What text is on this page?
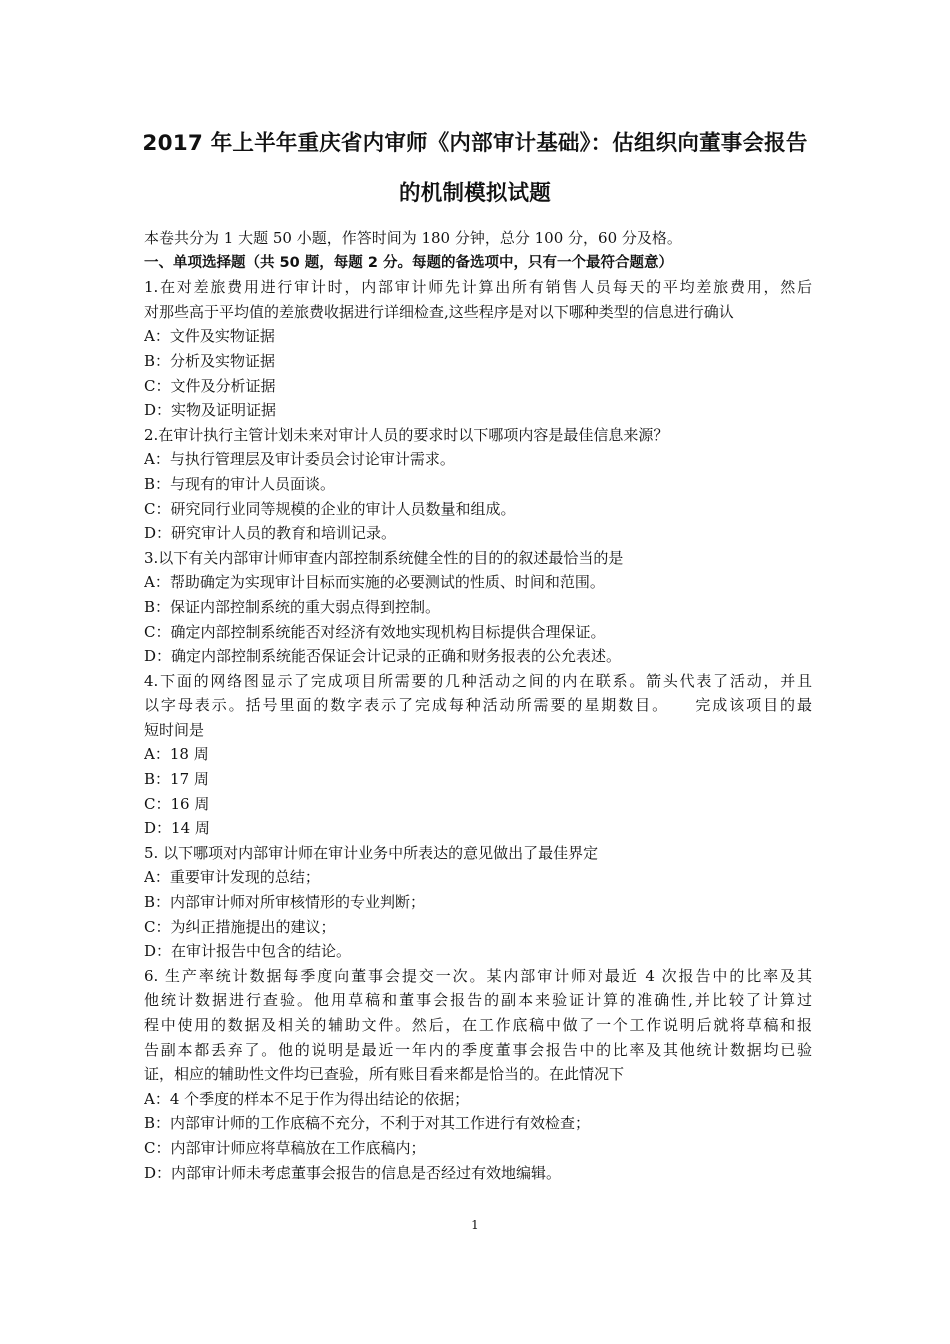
2017 年上半年重庆省内审师《内部审计基础》：估组织向董事会报告
的机制模拟试题
本卷共分为 1 大题 50 小题，作答时间为 180 分钟，总分 100 分，60 分及格。
一、单项选择题（共 50 题，每题 2 分。每题的备选项中，只有一个最符合题意）
1.在对差旅费用进行审计时，内部审计师先计算出所有销售人员每天的平均差旅费用，然后
对那些高于平均值的差旅费收据进行详细检查,这些程序是对以下哪种类型的信息进行确认
A：文件及实物证据
B：分析及实物证据
C：文件及分析证据
D：实物及证明证据
2.在审计执行主管计划未来对审计人员的要求时以下哪项内容是最佳信息来源？
A：与执行管理层及审计委员会讨论审计需求。
B：与现有的审计人员面谈。
C：研究同行业同等规模的企业的审计人员数量和组成。
D：研究审计人员的教育和培训记录。
3.以下有关内部审计师审查内部控制系统健全性的目的的叙述最恰当的是
A：帮助确定为实现审计目标而实施的必要测试的性质、时间和范围。
B：保证内部控制系统的重大弱点得到控制。
C：确定内部控制系统能否对经济有效地实现机构目标提供合理保证。
D：确定内部控制系统能否保证会计记录的正确和财务报表的公允表述。
4.下面的网络图显示了完成项目所需要的几种活动之间的内在联系。箭头代表了活动，并且
以字母表示。括号里面的数字表示了完成每种活动所需要的星期数目。　　完成该项目的最
短时间是
A：18 周
B：17 周
C：16 周
D：14 周
5. 以下哪项对内部审计师在审计业务中所表达的意见做出了最佳界定
A：重要审计发现的总结；
B：内部审计师对所审核情形的专业判断；
C：为纠正措施提出的建议；
D：在审计报告中包含的结论。
6. 生产率统计数据每季度向董事会提交一次。某内部审计师对最近 4 次报告中的比率及其
他统计数据进行查验。他用草稿和董事会报告的副本来验证计算的准确性,并比较了计算过
程中使用的数据及相关的辅助文件。然后，在工作底稿中做了一个工作说明后就将草稿和报
告副本都丢弃了。他的说明是最近一年内的季度董事会报告中的比率及其他统计数据均已验
证，相应的辅助性文件均已查验，所有账目看来都是恰当的。在此情况下
A：4 个季度的样本不足于作为得出结论的依据；
B：内部审计师的工作底稿不充分，不利于对其工作进行有效检查；
C：内部审计师应将草稿放在工作底稿内；
D：内部审计师未考虑董事会报告的信息是否经过有效地编辑。
1
